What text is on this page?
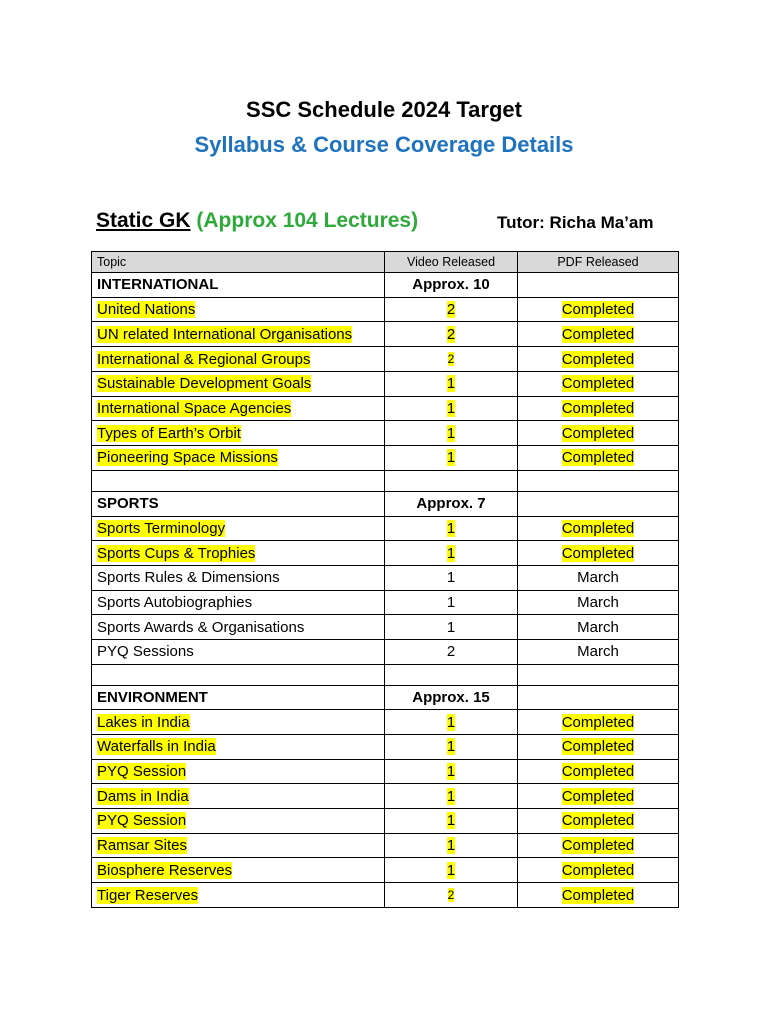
SSC Schedule 2024 Target
Syllabus & Course Coverage Details
Static GK (Approx 104 Lectures)	Tutor: Richa Ma’am
Topic	Video Released	PDF Released
INTERNATIONAL	Approx. 10	
United Nations	2	Completed
UN related International Organisations	2	Completed
International & Regional Groups	2	Completed
Sustainable Development Goals	1	Completed
International Space Agencies	1	Completed
Types of Earth’s Orbit	1	Completed
Pioneering Space Missions	1	Completed

SPORTS	Approx. 7	
Sports Terminology	1	Completed
Sports Cups & Trophies	1	Completed
Sports Rules & Dimensions	1	March
Sports Autobiographies	1	March
Sports Awards & Organisations	1	March
PYQ Sessions	2	March

ENVIRONMENT	Approx. 15	
Lakes in India	1	Completed
Waterfalls in India	1	Completed
PYQ Session	1	Completed
Dams in India	1	Completed
PYQ Session	1	Completed
Ramsar Sites	1	Completed
Biosphere Reserves	1	Completed
Tiger Reserves	2	Completed
